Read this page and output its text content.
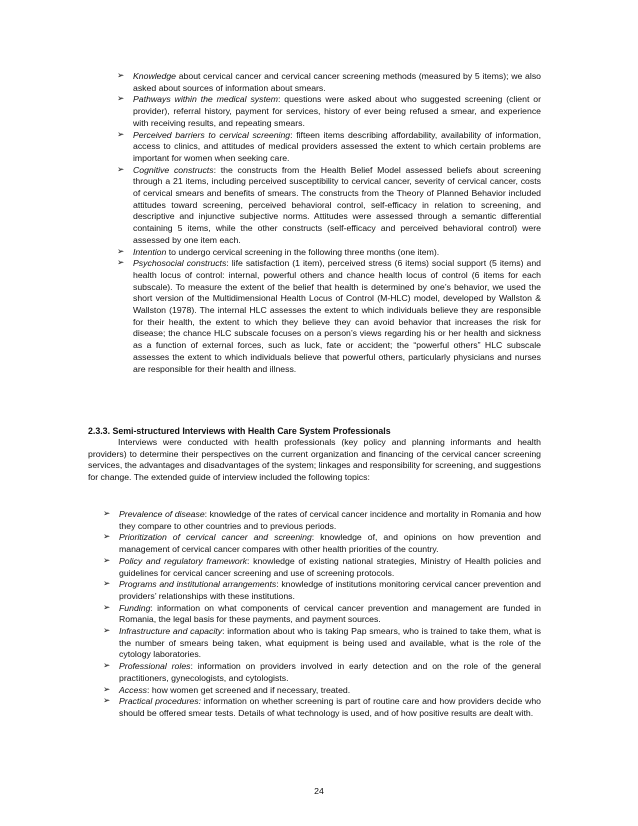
➢ Knowledge about cervical cancer and cervical cancer screening methods (measured by 5 items); we also asked about sources of information about smears.
➢ Pathways within the medical system: questions were asked about who suggested screening (client or provider), referral history, payment for services, history of ever being refused a smear, and experience with receiving results, and repeating smears.
➢ Perceived barriers to cervical screening: fifteen items describing affordability, availability of information, access to clinics, and attitudes of medical providers assessed the extent to which certain problems are important for women when seeking care.
➢ Cognitive constructs: the constructs from the Health Belief Model assessed beliefs about screening through a 21 items, including perceived susceptibility to cervical cancer, severity of cervical cancer, costs of cervical smears and benefits of smears. The constructs from the Theory of Planned Behavior included attitudes toward screening, perceived behavioral control, self-efficacy in relation to screening, and descriptive and injunctive subjective norms. Attitudes were assessed through a semantic differential containing 5 items, while the other constructs (self-efficacy and perceived behavioral control) were assessed by one item each.
➢ Intention to undergo cervical screening in the following three months (one item).
➢ Psychosocial constructs: life satisfaction (1 item), perceived stress (6 items) social support (5 items) and health locus of control: internal, powerful others and chance health locus of control (6 items for each subscale). To measure the extent of the belief that health is determined by one’s behavior, we used the short version of the Multidimensional Health Locus of Control (M-HLC) model, developed by Wallston & Wallston (1978). The internal HLC assesses the extent to which individuals believe they are responsible for their health, the extent to which they believe they can avoid behavior that increases the risk for disease; the chance HLC subscale focuses on a person’s views regarding his or her health and sickness as a function of external forces, such as luck, fate or accident; the “powerful others” HLC subscale assesses the extent to which individuals believe that powerful others, particularly physicians and nurses are responsible for their health and illness.
2.3.3. Semi-structured Interviews with Health Care System Professionals

Interviews were conducted with health professionals (key policy and planning informants and health providers) to determine their perspectives on the current organization and financing of the cervical cancer screening services, the advantages and disadvantages of the system; linkages and responsibility for screening, and suggestions for change. The extended guide of interview included the following topics:

➢ Prevalence of disease: knowledge of the rates of cervical cancer incidence and mortality in Romania and how they compare to other countries and to previous periods.
➢ Prioritization of cervical cancer and screening: knowledge of, and opinions on how prevention and management of cervical cancer compares with other health priorities of the country.
➢ Policy and regulatory framework: knowledge of existing national strategies, Ministry of Health policies and guidelines for cervical cancer screening and use of screening protocols.
➢ Programs and institutional arrangements: knowledge of institutions monitoring cervical cancer prevention and providers’ relationships with these institutions.
➢ Funding: information on what components of cervical cancer prevention and management are funded in Romania, the legal basis for these payments, and payment sources.
➢ Infrastructure and capacity: information about who is taking Pap smears, who is trained to take them, what is the number of smears being taken, what equipment is being used and available, what is the role of the cytology laboratories.
➢ Professional roles: information on providers involved in early detection and on the role of the general practitioners, gynecologists, and cytologists.
➢ Access: how women get screened and if necessary, treated.
➢ Practical procedures: information on whether screening is part of routine care and how providers decide who should be offered smear tests. Details of what technology is used, and of how positive results are dealt with.
24
